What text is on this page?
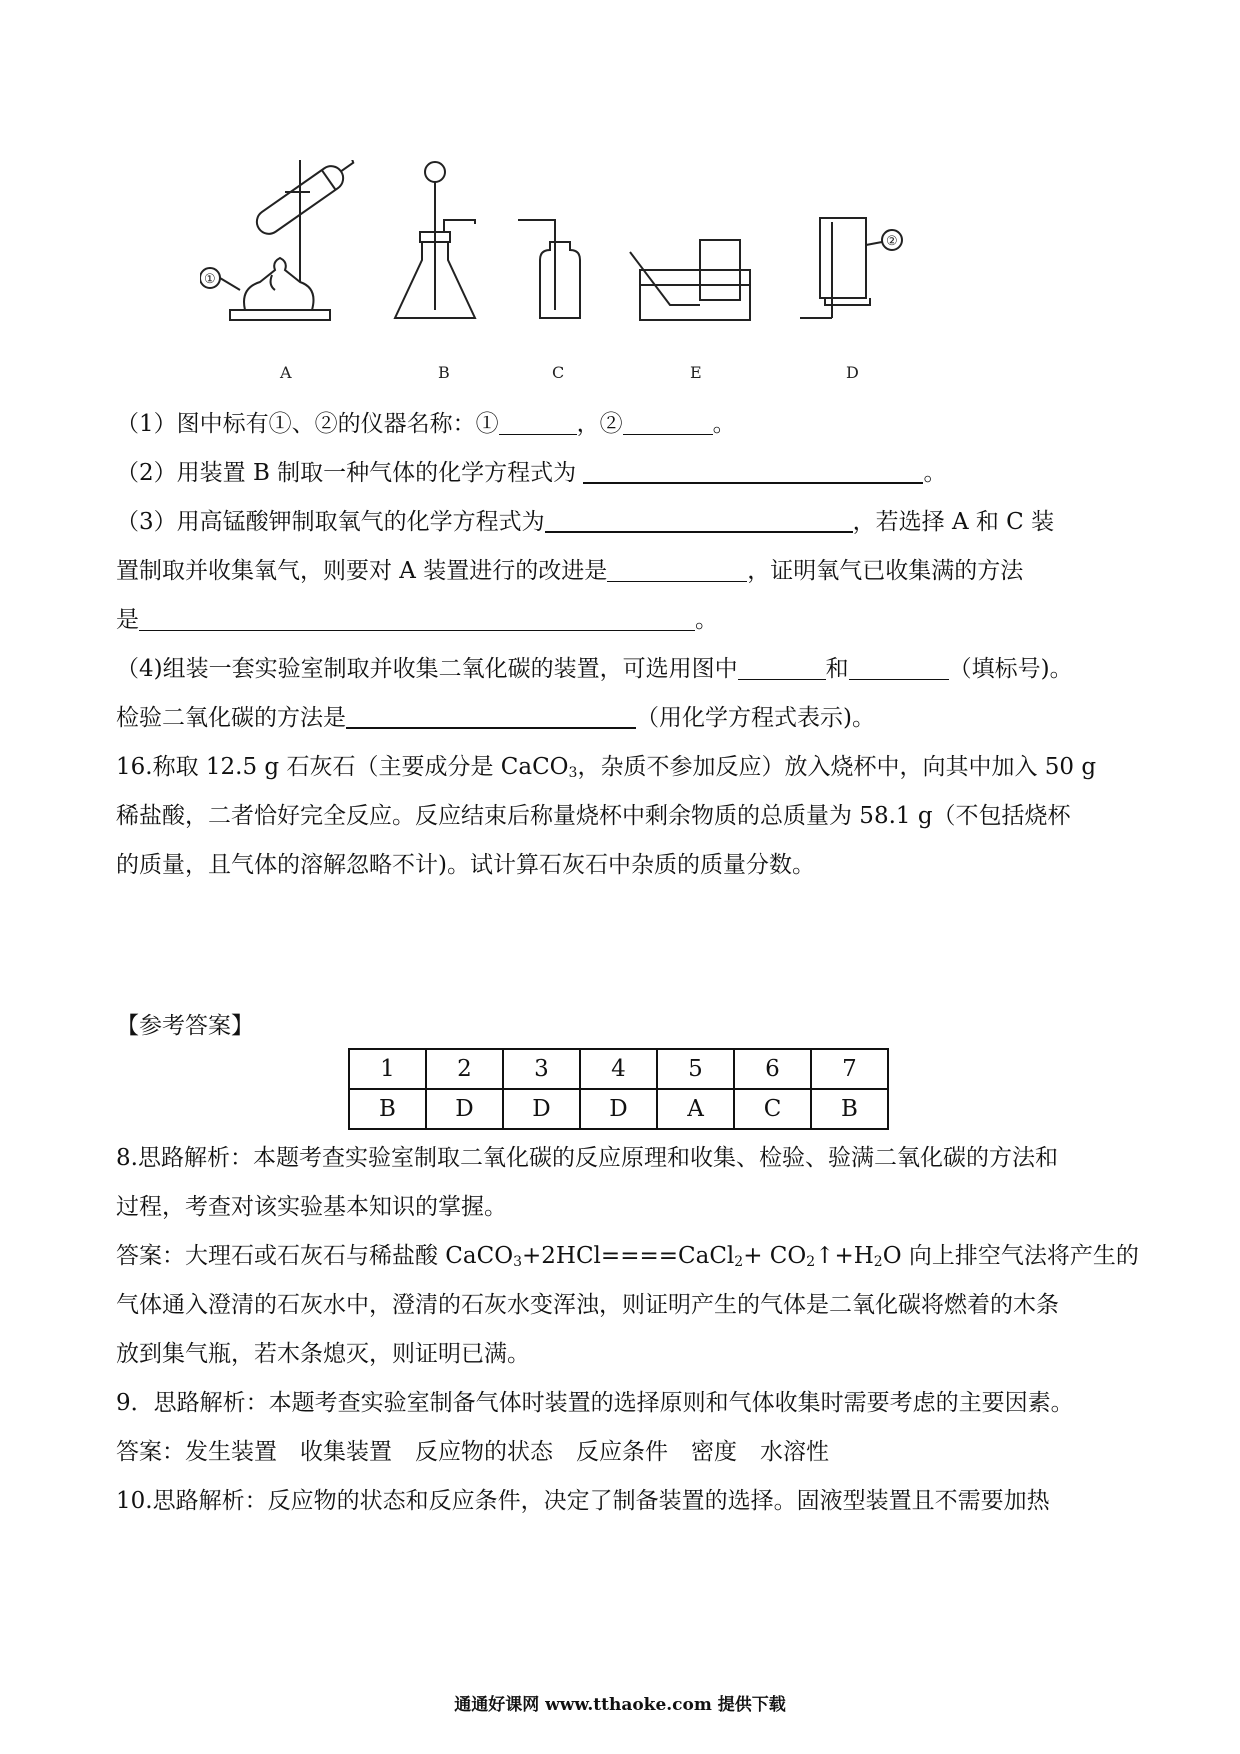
A
①
B	C	E	D
②
（1）图中标有①、②的仪器名称：①	，②	。
（2）用装置 B 制取一种气体的化学方程式为	。
（3）用高锰酸钾制取氧气的化学方程式为	，若选择 A 和 C 装
置制取并收集氧气，则要对 A 装置进行的改进是	，证明氧气已收集满的方法
是	。
（4)组装一套实验室制取并收集二氧化碳的装置，可选用图中	和	（填标号)。
检验二氧化碳的方法是	（用化学方程式表示)。
16.称取 12.5 g 石灰石（主要成分是 CaCO$_3$，杂质不参加反应）放入烧杯中，向其中加入 50 g
稀盐酸，二者恰好完全反应。反应结束后称量烧杯中剩余物质的总质量为 58.1 g（不包括烧杯
的质量，且气体的溶解忽略不计)。试计算石灰石中杂质的质量分数。
【参考答案】
1	2	3	4	5	6	7
B	D	D	D	A	C	B
8.思路解析：本题考查实验室制取二氧化碳的反应原理和收集、检验、验满二氧化碳的方法和
过程，考查对该实验基本知识的掌握。
答案：大理石或石灰石与稀盐酸 CaCO$_3$+2HCl====CaCl$_2$+ $CO_2↑+H_2O$ 向上排空气法将产生的
气体通入澄清的石灰水中，澄清的石灰水变浑浊，则证明产生的气体是二氧化碳将燃着的木条
放到集气瓶，若木条熄灭，则证明已满。
9．思路解析：本题考查实验室制备气体时装置的选择原则和气体收集时需要考虑的主要因素。
答案：发生装置　收集装置　反应物的状态　反应条件　密度　水溶性
10.思路解析：反应物的状态和反应条件，决定了制备装置的选择。固液型装置且不需要加热
通通好课网 www.tthaoke.com 提供下载
